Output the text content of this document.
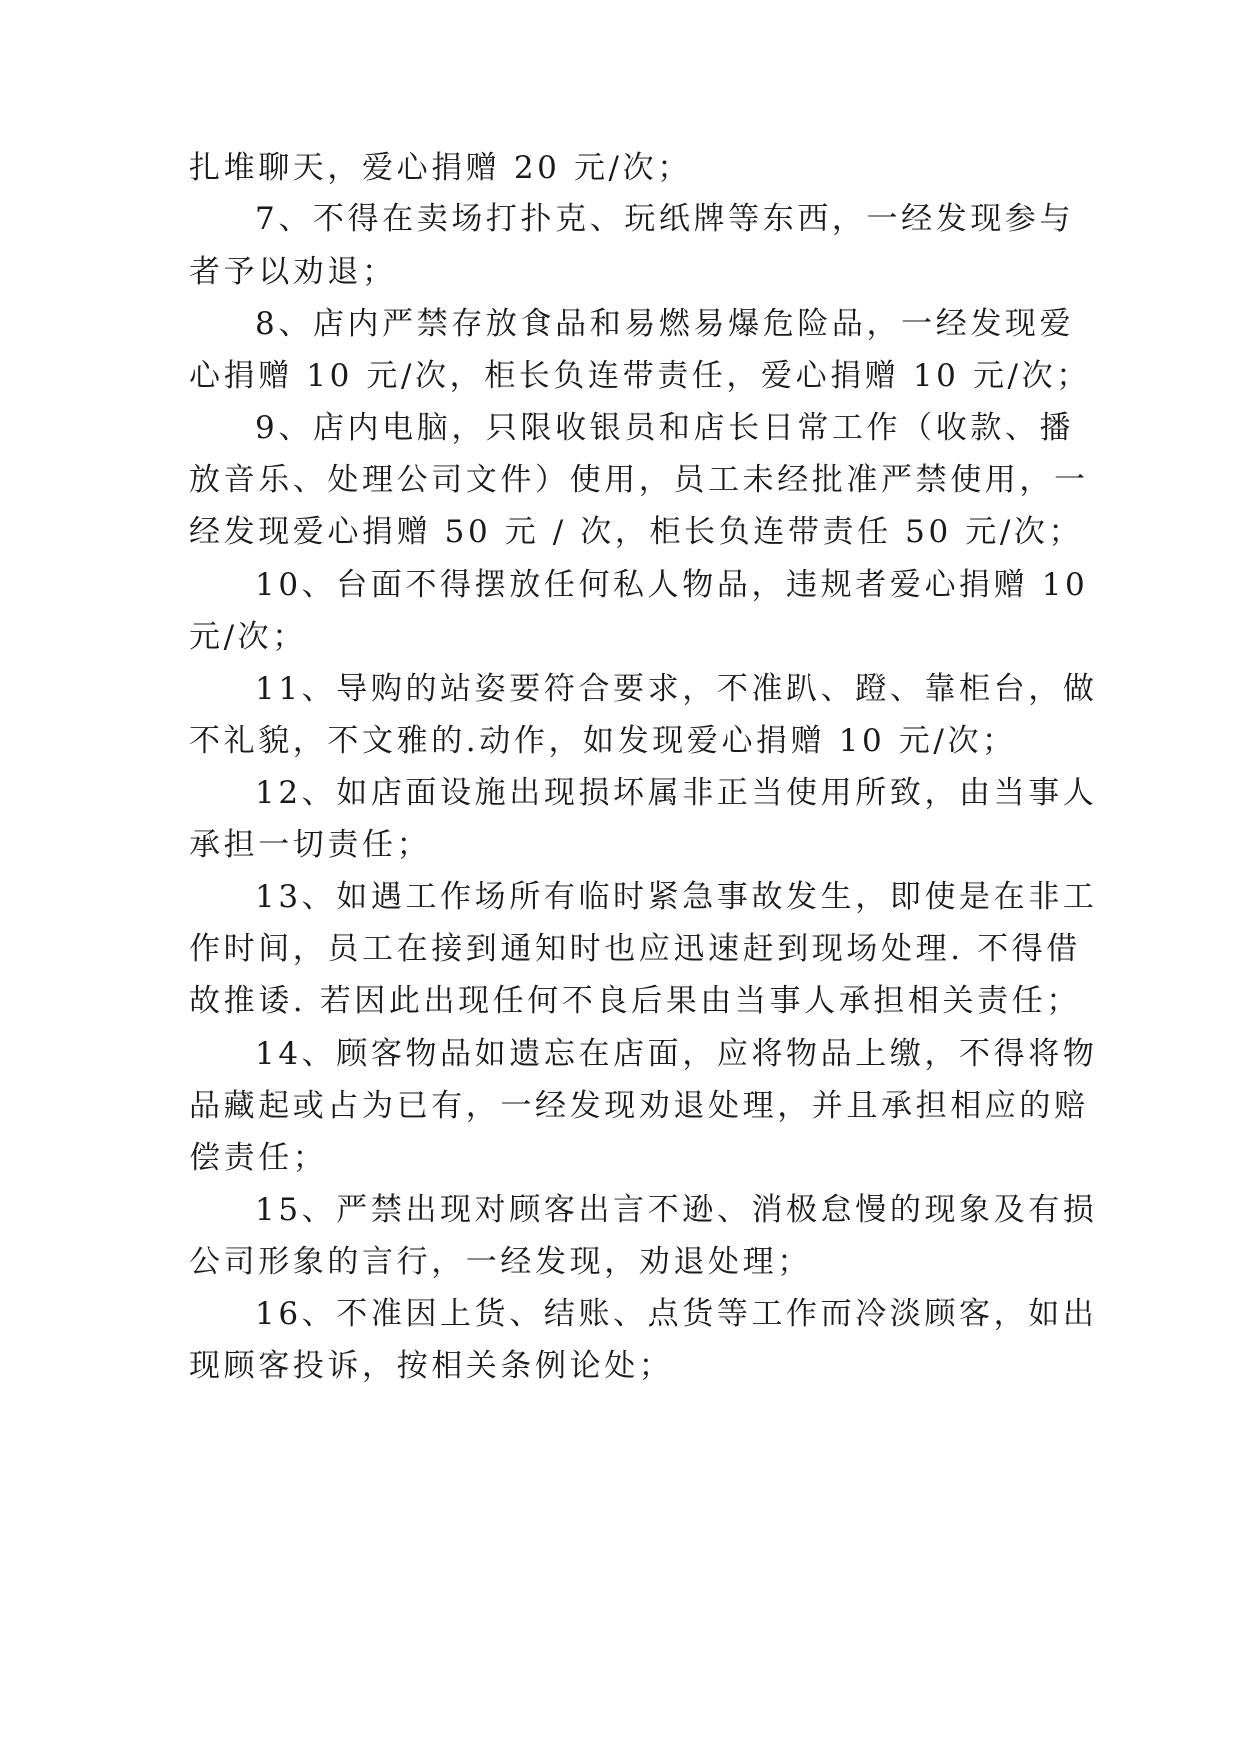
扎堆聊天，爱心捐赠 20 元/次；
7、不得在卖场打扑克、玩纸牌等东西，一经发现参与
者予以劝退；
8、店内严禁存放食品和易燃易爆危险品，一经发现爱
心捐赠 10 元/次，柜长负连带责任，爱心捐赠 10 元/次；
9、店内电脑，只限收银员和店长日常工作（收款、播
放音乐、处理公司文件）使用，员工未经批准严禁使用，一
经发现爱心捐赠 50 元 / 次，柜长负连带责任 50 元/次；
10、台面不得摆放任何私人物品，违规者爱心捐赠 10
元/次；
11、导购的站姿要符合要求，不准趴、蹬、靠柜台，做
不礼貌，不文雅的.动作，如发现爱心捐赠 10 元/次；
12、如店面设施出现损坏属非正当使用所致，由当事人
承担一切责任；
13、如遇工作场所有临时紧急事故发生，即使是在非工
作时间，员工在接到通知时也应迅速赶到现场处理. 不得借
故推诿. 若因此出现任何不良后果由当事人承担相关责任；
14、顾客物品如遗忘在店面，应将物品上缴，不得将物
品藏起或占为已有，一经发现劝退处理，并且承担相应的赔
偿责任；
15、严禁出现对顾客出言不逊、消极怠慢的现象及有损
公司形象的言行，一经发现，劝退处理；
16、不准因上货、结账、点货等工作而冷淡顾客，如出
现顾客投诉，按相关条例论处；
